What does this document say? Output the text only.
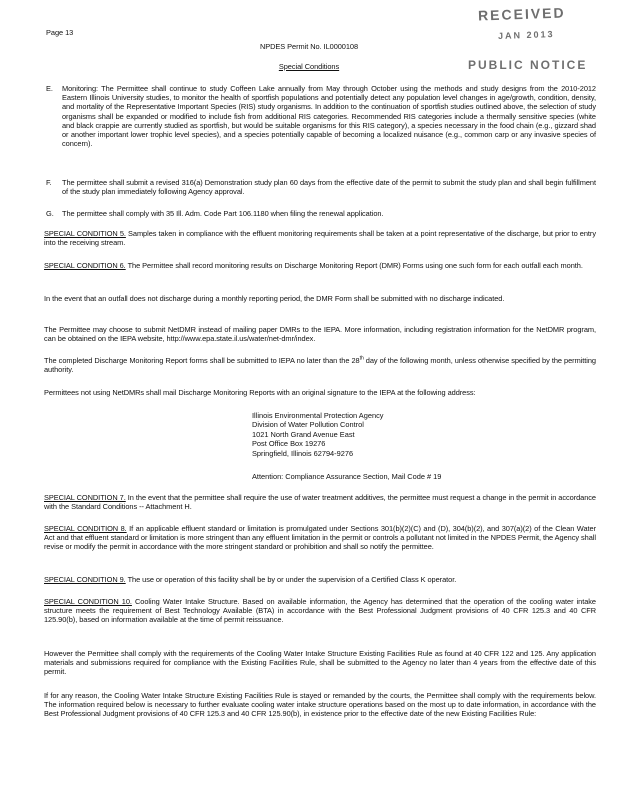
Page 13
NPDES Permit No. IL0000108
Special Conditions
RECEIVED
JAN 2013
PUBLIC NOTICE
E. Monitoring: The Permittee shall continue to study Coffeen Lake annually from May through October using the methods and study designs from the 2010-2012 Eastern Illinois University studies, to monitor the health of sportfish populations and potentially detect any population level changes in age/growth, condition, density, and mortality of the Representative Important Species (RIS) study organisms. In addition to the continuation of sportfish studies outlined above, the selection of study organisms shall be expanded or modified to include fish from additional RIS categories. Recommended RIS categories include a thermally sensitive species (white and black crappie are currently studied as sportfish, but would be suitable organisms for this RIS category), a species necessary in the food chain (e.g., gizzard shad or another important lower trophic level species), and a species potentially capable of becoming a localized nuisance (e.g., common carp or any invasive species of concern).
F. The permittee shall submit a revised 316(a) Demonstration study plan 60 days from the effective date of the permit to submit the study plan and shall begin fulfillment of the study plan immediately following Agency approval.
G. The permittee shall comply with 35 Ill. Adm. Code Part 106.1180 when filing the renewal application.
SPECIAL CONDITION 5. Samples taken in compliance with the effluent monitoring requirements shall be taken at a point representative of the discharge, but prior to entry into the receiving stream.
SPECIAL CONDITION 6. The Permittee shall record monitoring results on Discharge Monitoring Report (DMR) Forms using one such form for each outfall each month.
In the event that an outfall does not discharge during a monthly reporting period, the DMR Form shall be submitted with no discharge indicated.
The Permittee may choose to submit NetDMR instead of mailing paper DMRs to the IEPA. More information, including registration information for the NetDMR program, can be obtained on the IEPA website, http://www.epa.state.il.us/water/net-dmr/index.
The completed Discharge Monitoring Report forms shall be submitted to IEPA no later than the 28th day of the following month, unless otherwise specified by the permitting authority.
Permittees not using NetDMRs shall mail Discharge Monitoring Reports with an original signature to the IEPA at the following address:
Illinois Environmental Protection Agency
Division of Water Pollution Control
1021 North Grand Avenue East
Post Office Box 19276
Springfield, Illinois 62794-9276
Attention: Compliance Assurance Section, Mail Code # 19
SPECIAL CONDITION 7. In the event that the permittee shall require the use of water treatment additives, the permittee must request a change in the permit in accordance with the Standard Conditions -- Attachment H.
SPECIAL CONDITION 8. If an applicable effluent standard or limitation is promulgated under Sections 301(b)(2)(C) and (D), 304(b)(2), and 307(a)(2) of the Clean Water Act and that effluent standard or limitation is more stringent than any effluent limitation in the permit or controls a pollutant not limited in the NPDES Permit, the Agency shall revise or modify the permit in accordance with the more stringent standard or prohibition and shall so notify the permittee.
SPECIAL CONDITION 9. The use or operation of this facility shall be by or under the supervision of a Certified Class K operator.
SPECIAL CONDITION 10. Cooling Water Intake Structure. Based on available information, the Agency has determined that the operation of the cooling water intake structure meets the requirement of Best Technology Available (BTA) in accordance with the Best Professional Judgment provisions of 40 CFR 125.3 and 40 CFR 125.90(b), based on information available at the time of permit reissuance.
However the Permittee shall comply with the requirements of the Cooling Water Intake Structure Existing Facilities Rule as found at 40 CFR 122 and 125. Any application materials and submissions required for compliance with the Existing Facilities Rule, shall be submitted to the Agency no later than 4 years from the effective date of this permit.
If for any reason, the Cooling Water Intake Structure Existing Facilities Rule is stayed or remanded by the courts, the Permittee shall comply with the requirements below. The information required below is necessary to further evaluate cooling water intake structure operations based on the most up to date information, in accordance with the Best Professional Judgment provisions of 40 CFR 125.3 and 40 CFR 125.90(b), in existence prior to the effective date of the new Existing Facilities Rule:
